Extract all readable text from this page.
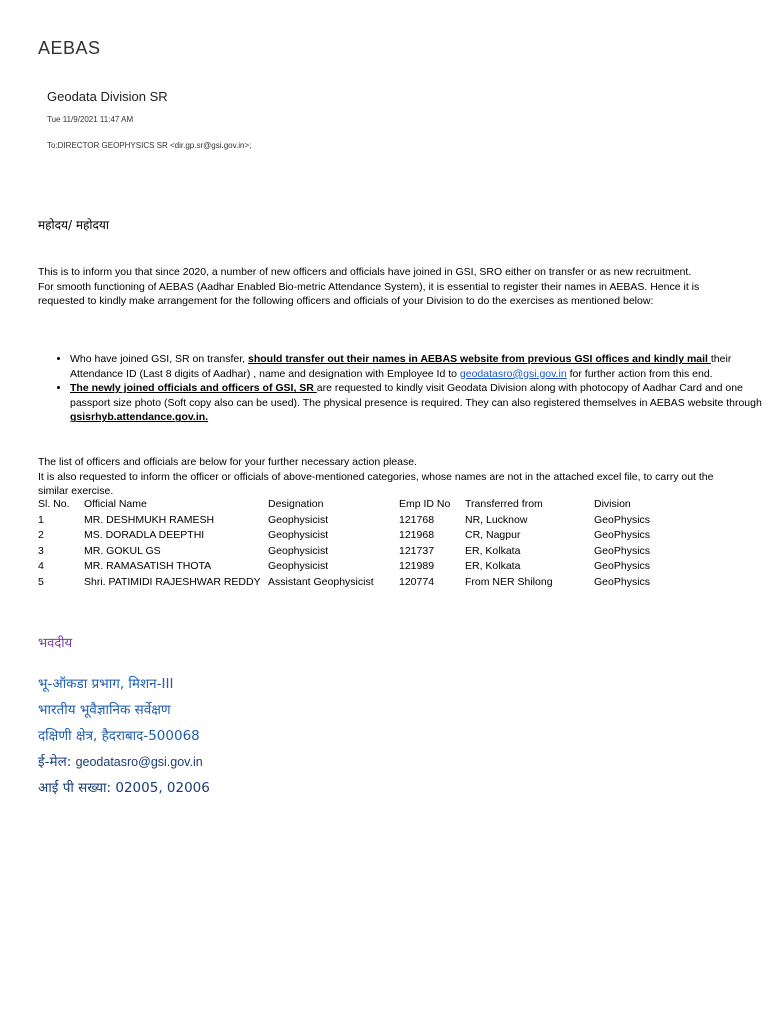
AEBAS
Geodata Division SR
Tue 11/9/2021 11:47 AM
To:DIRECTOR GEOPHYSICS SR <dir.gp.sr@gsi.gov.in>;
महोदय/ महोदया
This is to inform you that since 2020, a number of new officers and officials have joined in GSI, SRO either on transfer or as new recruitment.
For smooth functioning of AEBAS (Aadhar Enabled Bio-metric Attendance System), it is essential to register their names in AEBAS. Hence it is requested to kindly make arrangement for the following officers and officials of your Division to do the exercises as mentioned below:
• Who have joined GSI, SR on transfer, should transfer out their names in AEBAS website from previous GSI offices and kindly mail their Attendance ID (Last 8 digits of Aadhar) , name and designation with Employee Id to geodatasro@gsi.gov.in for further action from this end.
• The newly joined officials and officers of GSI, SR are requested to kindly visit Geodata Division along with photocopy of Aadhar Card and one passport size photo (Soft copy also can be used). The physical presence is required. They can also registered themselves in AEBAS website through gsisrhyb.attendance.gov.in.
The list of officers and officials are below for your further necessary action please.
It is also requested to inform the officer or officials of above-mentioned categories, whose names are not in the attached excel file, to carry out the similar exercise.
Sl. No.	Official Name	Designation	Emp ID No	Transferred from	Division
1	MR. DESHMUKH RAMESH	Geophysicist	121768	NR, Lucknow	GeoPhysics
2	MS. DORADLA DEEPTHI	Geophysicist	121968	CR, Nagpur	GeoPhysics
3	MR. GOKUL GS	Geophysicist	121737	ER, Kolkata	GeoPhysics
4	MR. RAMASATISH THOTA	Geophysicist	121989	ER, Kolkata	GeoPhysics
5	Shri. PATIMIDI RAJESHWAR REDDY	Assistant Geophysicist	120774	From NER Shilong	GeoPhysics
भवदीय
भू-ऑकडा प्रभाग, मिशन-III
भारतीय भूवैज्ञानिक सर्वेक्षण
दक्षिणी क्षेत्र, हैदराबाद-500068
ई-मेल: geodatasro@gsi.gov.in
आई पी सख्या: 02005, 02006
